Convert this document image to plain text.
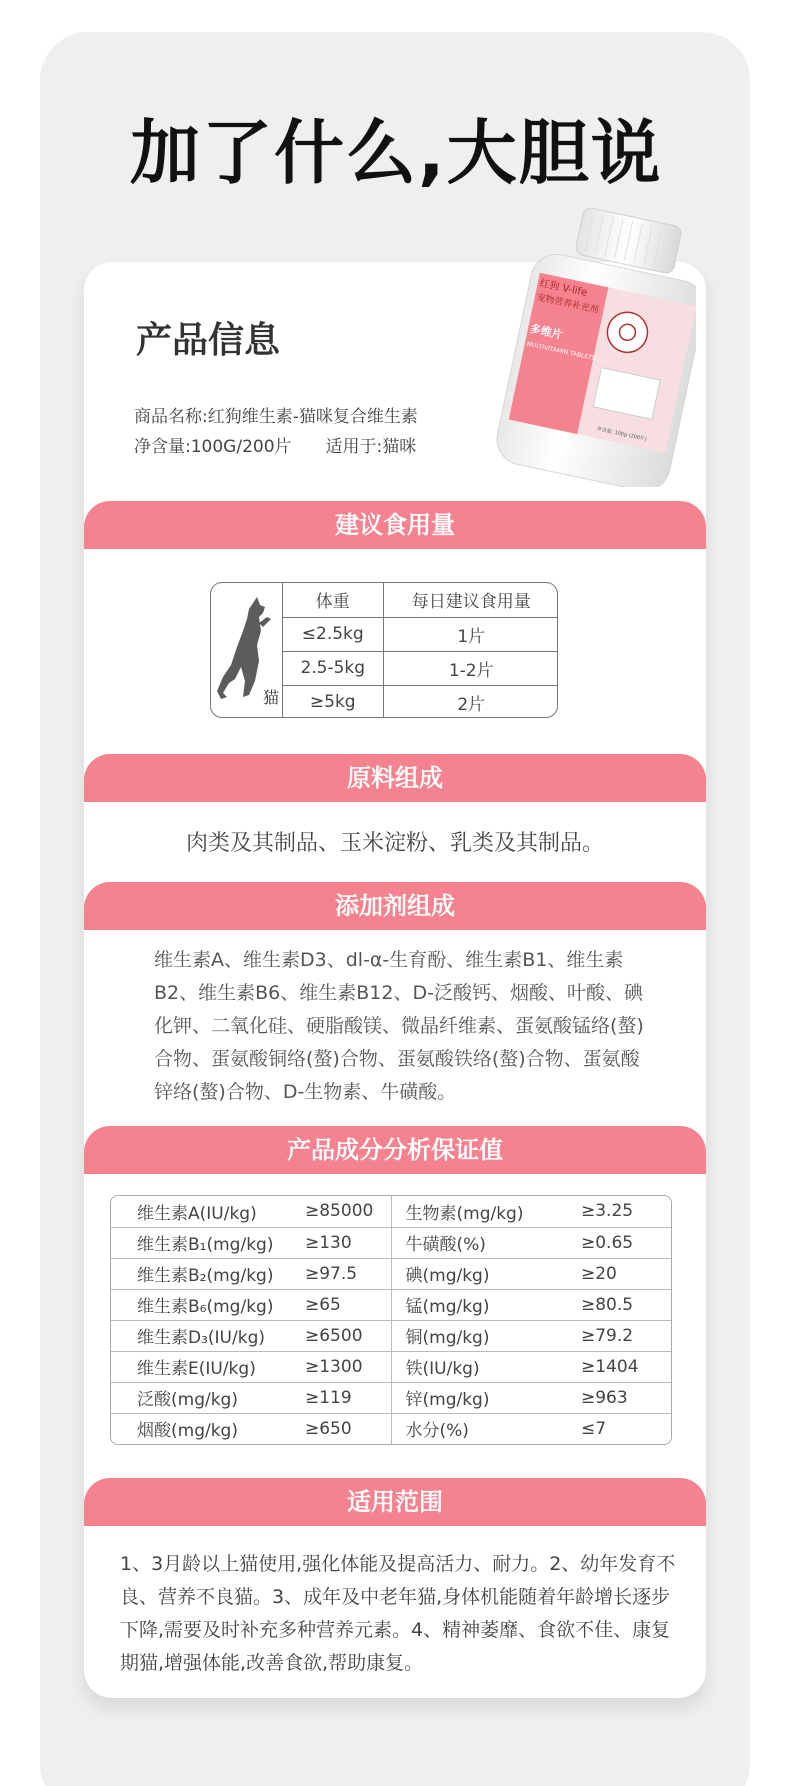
加了什么,大胆说
产品信息
商品名称:红狗维生素-猫咪复合维生素
净含量:100G/200片 适用于:猫咪
红狗 V-life
宠物营养补充剂
多维片
MULTIVITAMIN TABLETS
净含量: 100g (200片)
建议食用量
猫
体重	每日建议食用量
≤2.5kg	1片
2.5-5kg	1-2片
≥5kg	2片
原料组成
肉类及其制品、玉米淀粉、乳类及其制品。
添加剂组成
维生素A、维生素D3、dl-α-生育酚、维生素B1、维生素B2、维生素B6、维生素B12、D-泛酸钙、烟酸、叶酸、碘化钾、二氧化硅、硬脂酸镁、微晶纤维素、蛋氨酸锰络(螯)合物、蛋氨酸铜络(螯)合物、蛋氨酸铁络(螯)合物、蛋氨酸锌络(螯)合物、D-生物素、牛磺酸。
产品成分分析保证值
维生素A(IU/kg)	≥85000	生物素(mg/kg)	≥3.25
维生素B₁(mg/kg)	≥130	牛磺酸(%)	≥0.65
维生素B₂(mg/kg)	≥97.5	碘(mg/kg)	≥20
维生素B₆(mg/kg)	≥65	锰(mg/kg)	≥80.5
维生素D₃(IU/kg)	≥6500	铜(mg/kg)	≥79.2
维生素E(IU/kg)	≥1300	铁(IU/kg)	≥1404
泛酸(mg/kg)	≥119	锌(mg/kg)	≥963
烟酸(mg/kg)	≥650	水分(%)	≤7
适用范围
1、3月龄以上猫使用,强化体能及提高活力、耐力。2、幼年发育不良、营养不良猫。3、成年及中老年猫,身体机能随着年龄增长逐步下降,需要及时补充多种营养元素。4、精神萎靡、食欲不佳、康复期猫,增强体能,改善食欲,帮助康复。
